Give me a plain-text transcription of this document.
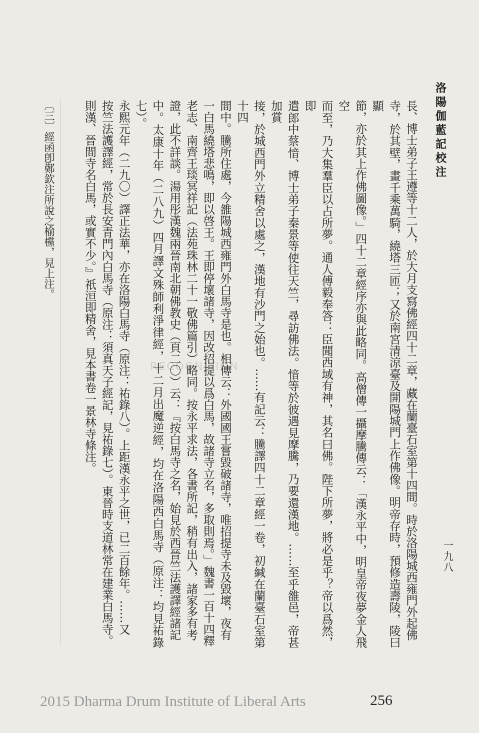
洛陽伽藍記校注
一九八

長、博士弟子王遵等十二人，於大月支寫佛經四十二章，藏在蘭臺石室第十四間。時於洛陽城西雍門外起佛

寺，於其壁，畫千乘萬騎，繞塔三匝；又於南宮清涼臺及開陽城門上作佛像。明帝存時，預修造壽陵，陵曰顯

節，亦於其上作佛圖像。」四十二章經序亦與此略同。高僧傳一攝摩騰傳云：「漢永平中，明皇帝夜夢金人飛空

而至，乃大集羣臣以占所夢。通人傅毅奉答：臣聞西域有神，其名曰佛。陛下所夢，將必是乎？帝以爲然，即

遣郎中蔡愔、博士弟子秦景等使往天竺，尋訪佛法。愔等於彼遇見摩騰，乃要還漢地。……至乎雒邑，帝甚加賞

接，於城西門外立精舍以處之，漢地有沙門之始也。……有記云：騰譯四十二章經一卷，初緘在蘭臺石室第十四

間中。騰所住處，今雒陽城西雍門外白馬寺是也。相傳云：外國國王嘗毀破諸寺，唯招提寺未及毀壞，夜有

一白馬繞塔悲鳴，即以啓王。王即停壞諸寺，因改招提以爲白馬，故諸寺立名，多取則焉。」魏書一百十四釋

老志、南齊王琰冥祥記（法苑珠林二十一敬佛篇引）略同。按永平求法，各書所記，稍有出入，諸家多有考

證，此不詳談。湯用彤漢魏兩晉南北朝佛教史（頁二〇）云：『按白馬寺之名，始見於西晉竺法護譯經諸記

中。太康十年（二八九）四月譯文殊師利淨律經，十二月出魔逆經，均在洛陽西白馬寺（原注：均見祐錄七）。

永熙元年（二九〇）譯正法華，亦在洛陽白馬寺（原注：祐錄八）。上距漢永平之世，已二百餘年。……又

按竺法護譯經，常於長安青門內白馬寺（原注：須真天子經記，見祐錄七）。東晉時支道林常在建業白馬寺。

則漢、晉間寺名白馬，或實不少。』祇洹即精舍，見本書卷一景林寺條注。

〔三〕經函卽鄭欽注所說之榆欓，見上注。
RECOGNITION
2015 Dharma Drum Institute of Liberal Arts	256
